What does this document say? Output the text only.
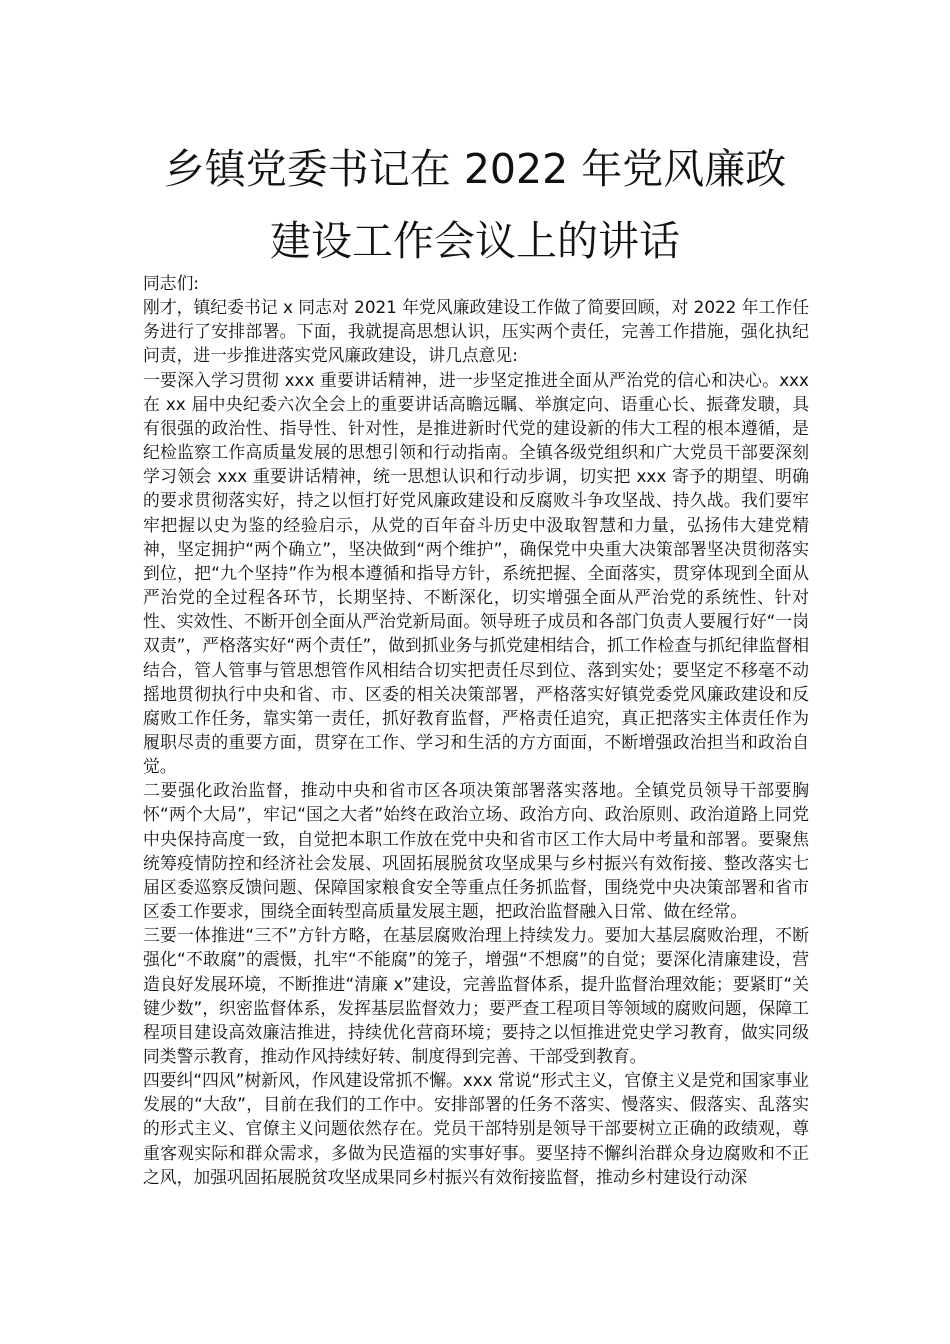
乡镇党委书记在 2022 年党风廉政
建设工作会议上的讲话

同志们:

刚才，镇纪委书记 x 同志对 2021 年党风廉政建设工作做了简要回顾，对 2022 年工作任务进行了安排部署。下面，我就提高思想认识，压实两个责任，完善工作措施，强化执纪问责，进一步推进落实党风廉政建设，讲几点意见:

一要深入学习贯彻 xxx 重要讲话精神，进一步坚定推进全面从严治党的信心和决心。xxx 在 xx 届中央纪委六次全会上的重要讲话高瞻远瞩、举旗定向、语重心长、振聋发聩，具有很强的政治性、指导性、针对性，是推进新时代党的建设新的伟大工程的根本遵循，是纪检监察工作高质量发展的思想引领和行动指南。全镇各级党组织和广大党员干部要深刻学习领会 xxx 重要讲话精神，统一思想认识和行动步调，切实把 xxx 寄予的期望、明确的要求贯彻落实好，持之以恒打好党风廉政建设和反腐败斗争攻坚战、持久战。我们要牢牢把握以史为鉴的经验启示，从党的百年奋斗历史中汲取智慧和力量，弘扬伟大建党精神，坚定拥护“两个确立”，坚决做到“两个维护”，确保党中央重大决策部署坚决贯彻落实到位，把“九个坚持”作为根本遵循和指导方针，系统把握、全面落实，贯穿体现到全面从严治党的全过程各环节，长期坚持、不断深化，切实增强全面从严治党的系统性、针对性、实效性、不断开创全面从严治党新局面。领导班子成员和各部门负责人要履行好“一岗双责”，严格落实好“两个责任”，做到抓业务与抓党建相结合，抓工作检查与抓纪律监督相结合，管人管事与管思想管作风相结合切实把责任尽到位、落到实处；要坚定不移毫不动摇地贯彻执行中央和省、市、区委的相关决策部署，严格落实好镇党委党风廉政建设和反腐败工作任务，靠实第一责任，抓好教育监督，严格责任追究，真正把落实主体责任作为履职尽责的重要方面，贯穿在工作、学习和生活的方方面面，不断增强政治担当和政治自觉。

二要强化政治监督，推动中央和省市区各项决策部署落实落地。全镇党员领导干部要胸怀“两个大局”，牢记“国之大者”始终在政治立场、政治方向、政治原则、政治道路上同党中央保持高度一致，自觉把本职工作放在党中央和省市区工作大局中考量和部署。要聚焦统筹疫情防控和经济社会发展、巩固拓展脱贫攻坚成果与乡村振兴有效衔接、整改落实七届区委巡察反馈问题、保障国家粮食安全等重点任务抓监督，围绕党中央决策部署和省市区委工作要求，围绕全面转型高质量发展主题，把政治监督融入日常、做在经常。

三要一体推进“三不”方针方略，在基层腐败治理上持续发力。要加大基层腐败治理，不断强化“不敢腐”的震慑，扎牢“不能腐”的笼子，增强“不想腐”的自觉；要深化清廉建设，营造良好发展环境，不断推进“清廉 x”建设，完善监督体系，提升监督治理效能；要紧盯“关键少数”，织密监督体系，发挥基层监督效力；要严查工程项目等领域的腐败问题，保障工程项目建设高效廉洁推进，持续优化营商环境；要持之以恒推进党史学习教育，做实同级同类警示教育，推动作风持续好转、制度得到完善、干部受到教育。

四要纠“四风”树新风，作风建设常抓不懈。xxx 常说“形式主义，官僚主义是党和国家事业发展的“大敌”，目前在我们的工作中。安排部署的任务不落实、慢落实、假落实、乱落实的形式主义、官僚主义问题依然存在。党员干部特别是领导干部要树立正确的政绩观，尊重客观实际和群众需求，多做为民造福的实事好事。要坚持不懈纠治群众身边腐败和不正之风，加强巩固拓展脱贫攻坚成果同乡村振兴有效衔接监督，推动乡村建设行动深
